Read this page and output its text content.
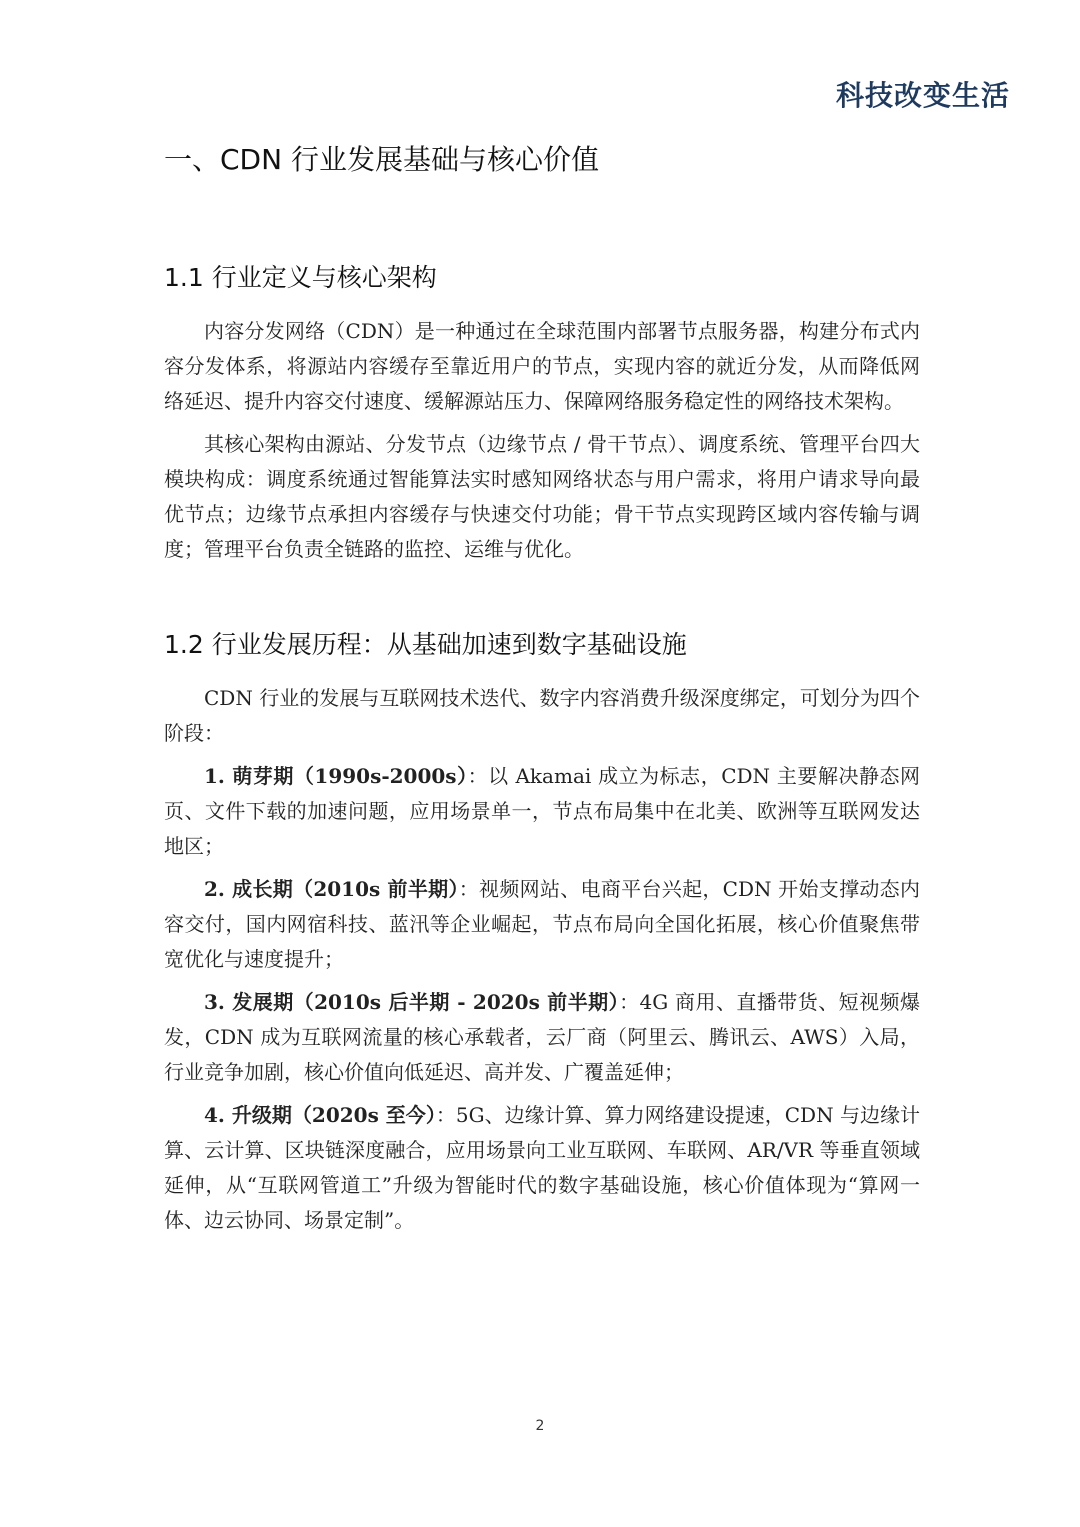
科技改变生活
一、CDN 行业发展基础与核心价值
1.1 行业定义与核心架构

内容分发网络（CDN）是一种通过在全球范围内部署节点服务器，构建分布式内容分发体系，将源站内容缓存至靠近用户的节点，实现内容的就近分发，从而降低网络延迟、提升内容交付速度、缓解源站压力、保障网络服务稳定性的网络技术架构。

其核心架构由源站、分发节点（边缘节点 / 骨干节点）、调度系统、管理平台四大模块构成：调度系统通过智能算法实时感知网络状态与用户需求，将用户请求导向最优节点；边缘节点承担内容缓存与快速交付功能；骨干节点实现跨区域内容传输与调度；管理平台负责全链路的监控、运维与优化。

1.2 行业发展历程：从基础加速到数字基础设施

CDN 行业的发展与互联网技术迭代、数字内容消费升级深度绑定，可划分为四个阶段：

1. 萌芽期（1990s-2000s）：以 Akamai 成立为标志，CDN 主要解决静态网页、文件下载的加速问题，应用场景单一，节点布局集中在北美、欧洲等互联网发达地区；

2. 成长期（2010s 前半期）：视频网站、电商平台兴起，CDN 开始支撑动态内容交付，国内网宿科技、蓝汛等企业崛起，节点布局向全国化拓展，核心价值聚焦带宽优化与速度提升；

3. 发展期（2010s 后半期 - 2020s 前半期）：4G 商用、直播带货、短视频爆发，CDN 成为互联网流量的核心承载者，云厂商（阿里云、腾讯云、AWS）入局，行业竞争加剧，核心价值向低延迟、高并发、广覆盖延伸；

4. 升级期（2020s 至今）：5G、边缘计算、算力网络建设提速，CDN 与边缘计算、云计算、区块链深度融合，应用场景向工业互联网、车联网、AR/VR 等垂直领域延伸，从“互联网管道工”升级为智能时代的数字基础设施，核心价值体现为“算网一体、边云协同、场景定制”。

2
